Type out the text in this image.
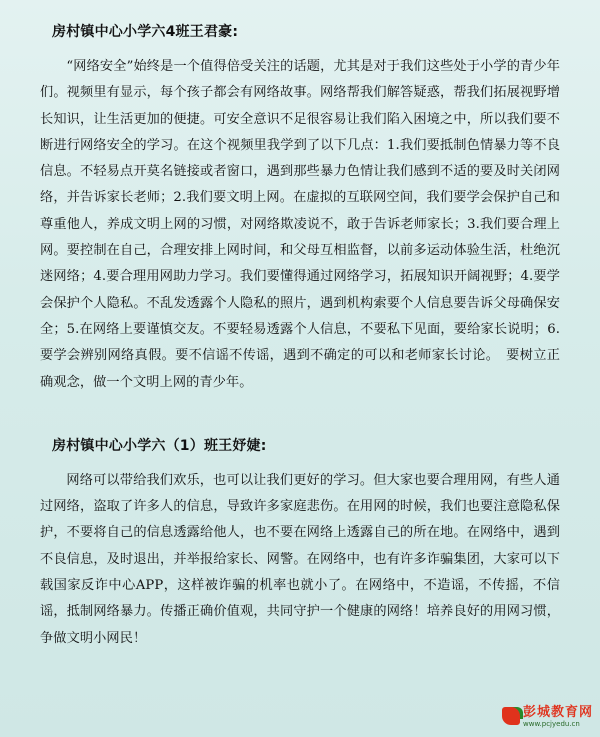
房村镇中心小学六4班王君豪:

“网络安全”始终是一个值得倍受关注的话题，尤其是对于我们这些处于小学的青少年们。视频里有显示，每个孩子都会有网络故事。网络帮我们解答疑惑，帮我们拓展视野增长知识，让生活更加的便捷。可安全意识不足很容易让我们陷入困境之中，所以我们要不断进行网络安全的学习。在这个视频里我学到了以下几点：1.我们要抵制色情暴力等不良信息。不轻易点开莫名链接或者窗口，遇到那些暴力色情让我们感到不适的要及时关闭网络，并告诉家长老师；2.我们要文明上网。在虚拟的互联网空间，我们要学会保护自己和尊重他人，养成文明上网的习惯，对网络欺凌说不，敢于告诉老师家长；3.我们要合理上网。要控制在自己，合理安排上网时间，和父母互相监督，以前多运动体验生活，杜绝沉迷网络；4.要合理用网助力学习。我们要懂得通过网络学习，拓展知识开阔视野；4.要学会保护个人隐私。不乱发透露个人隐私的照片，遇到机构索要个人信息要告诉父母确保安全；5.在网络上要谨慎交友。不要轻易透露个人信息，不要私下见面，要给家长说明；6.要学会辨别网络真假。要不信谣不传谣，遇到不确定的可以和老师家长讨论。　要树立正确观念，做一个文明上网的青少年。

房村镇中心小学六（1）班王妤婕:

网络可以带给我们欢乐，也可以让我们更好的学习。但大家也要合理用网，有些人通过网络，盗取了许多人的信息，导致许多家庭悲伤。在用网的时候，我们也要注意隐私保护，不要将自己的信息透露给他人，也不要在网络上透露自己的所在地。在网络中，遇到不良信息，及时退出，并举报给家长、网警。在网络中，也有许多诈骗集团，大家可以下载国家反诈中心APP，这样被诈骗的机率也就小了。在网络中，不造谣，不传摇，不信谣，抵制网络暴力。传播正确价值观，共同守护一个健康的网络！培养良好的用网习惯，争做文明小网民！

彭城教育网
www.pcjyedu.cn
